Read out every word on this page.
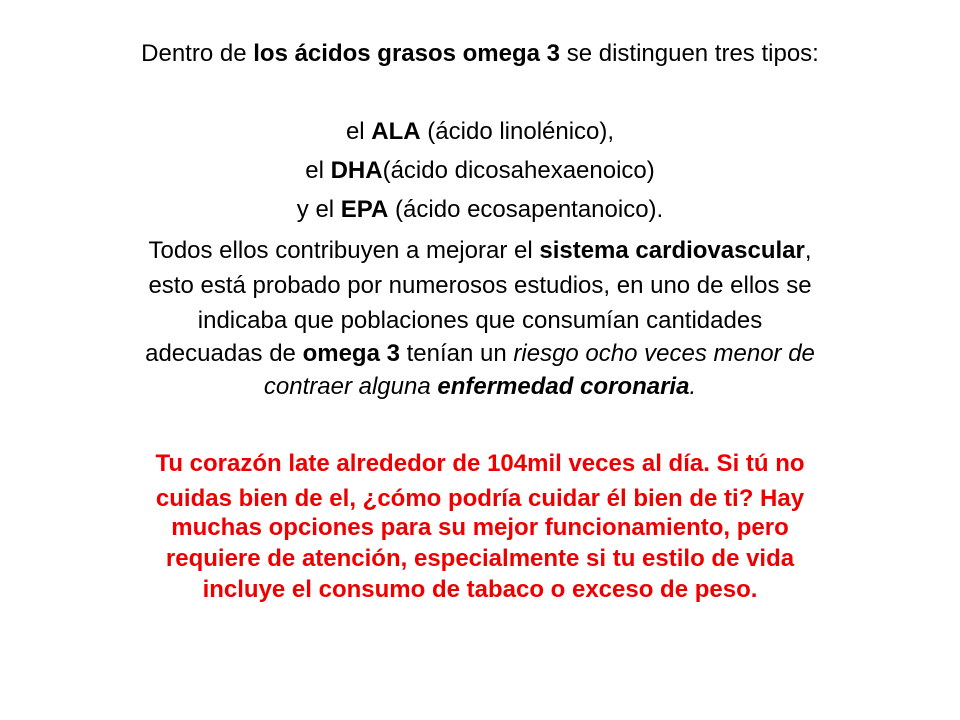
Dentro de los ácidos grasos omega 3 se distinguen tres tipos:
el ALA (ácido linolénico),
el DHA(ácido dicosahexaenoico)
y el EPA (ácido ecosapentanoico).
Todos ellos contribuyen a mejorar el sistema cardiovascular,
esto está probado por numerosos estudios, en uno de ellos se
indicaba que poblaciones que consumían cantidades
adecuadas de omega 3 tenían un riesgo ocho veces menor de
contraer alguna enfermedad coronaria.
Tu corazón late alrededor de 104mil veces al día. Si tú no
cuidas bien de el, ¿cómo podría cuidar él bien de ti? Hay
muchas opciones para su mejor funcionamiento, pero
requiere de atención, especialmente si tu estilo de vida
incluye el consumo de tabaco o exceso de peso.
